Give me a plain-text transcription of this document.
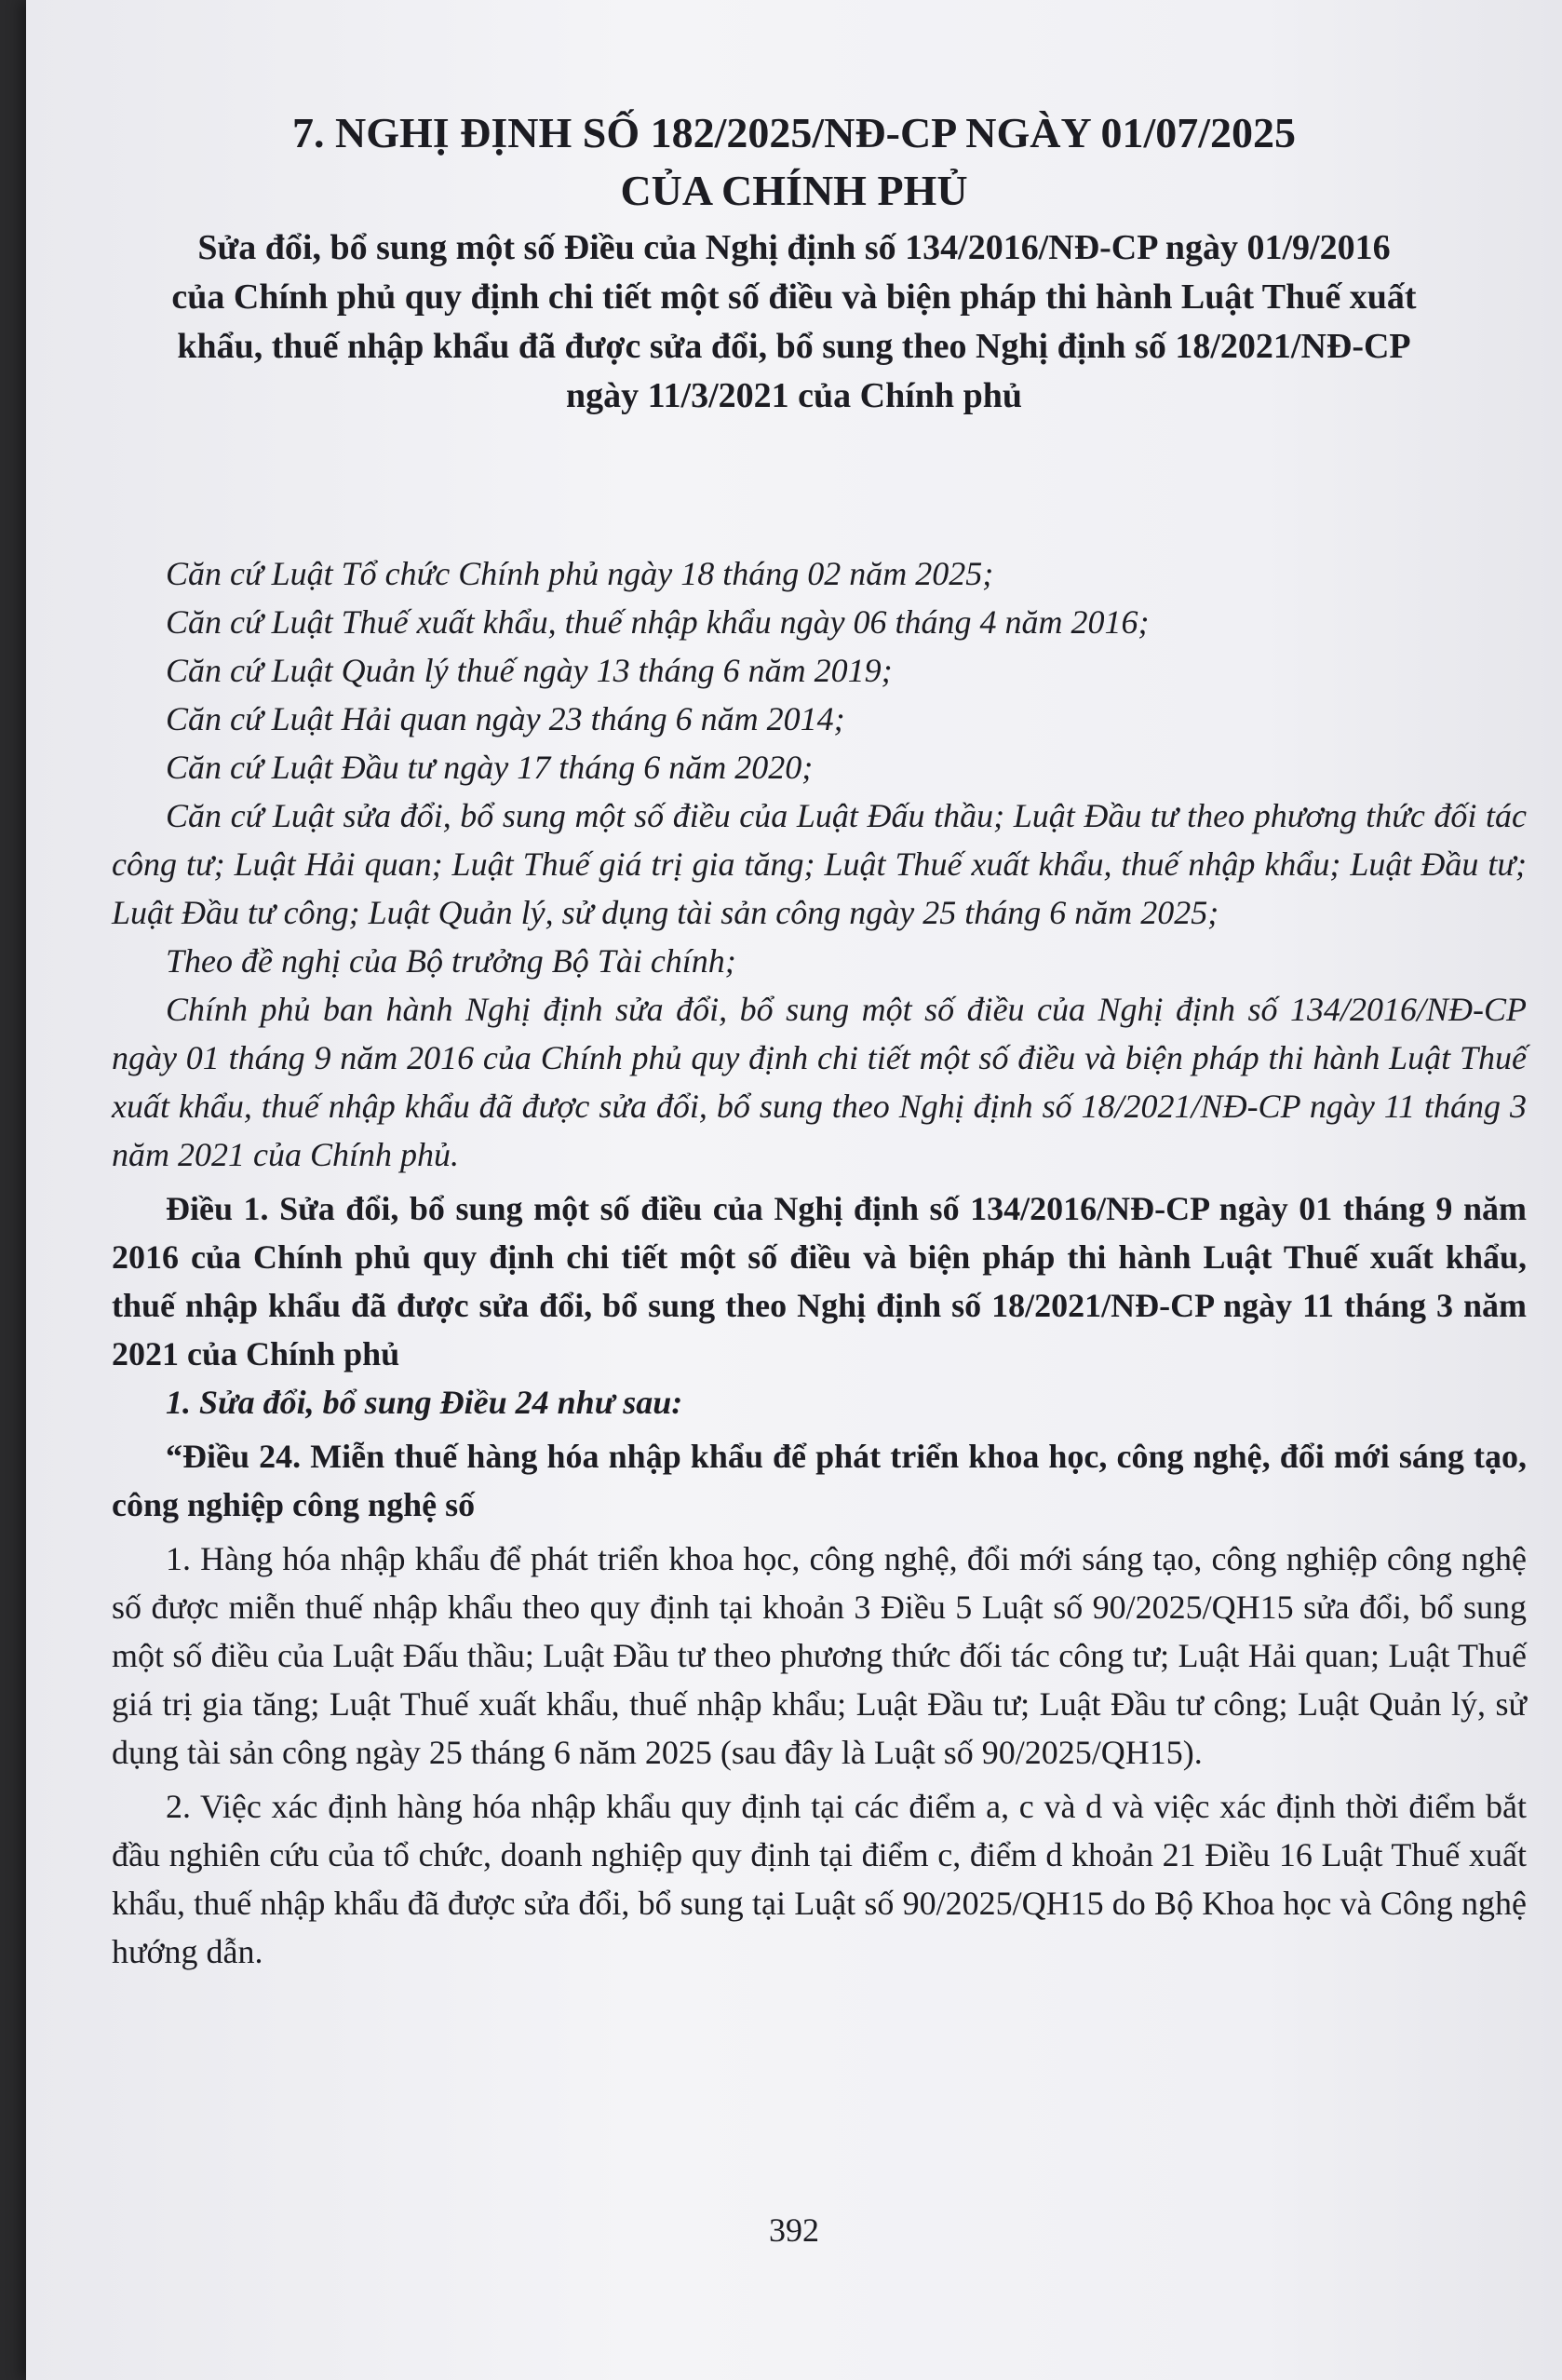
7. NGHỊ ĐỊNH SỐ 182/2025/NĐ-CP NGÀY 01/07/2025
CỦA CHÍNH PHỦ
Sửa đổi, bổ sung một số Điều của Nghị định số 134/2016/NĐ-CP ngày 01/9/2016 của Chính phủ quy định chi tiết một số điều và biện pháp thi hành Luật Thuế xuất khẩu, thuế nhập khẩu đã được sửa đổi, bổ sung theo Nghị định số 18/2021/NĐ-CP ngày 11/3/2021 của Chính phủ

Căn cứ Luật Tổ chức Chính phủ ngày 18 tháng 02 năm 2025;

Căn cứ Luật Thuế xuất khẩu, thuế nhập khẩu ngày 06 tháng 4 năm 2016;

Căn cứ Luật Quản lý thuế ngày 13 tháng 6 năm 2019;

Căn cứ Luật Hải quan ngày 23 tháng 6 năm 2014;

Căn cứ Luật Đầu tư ngày 17 tháng 6 năm 2020;

Căn cứ Luật sửa đổi, bổ sung một số điều của Luật Đấu thầu; Luật Đầu tư theo phương thức đối tác công tư; Luật Hải quan; Luật Thuế giá trị gia tăng; Luật Thuế xuất khẩu, thuế nhập khẩu; Luật Đầu tư; Luật Đầu tư công; Luật Quản lý, sử dụng tài sản công ngày 25 tháng 6 năm 2025;

Theo đề nghị của Bộ trưởng Bộ Tài chính;

Chính phủ ban hành Nghị định sửa đổi, bổ sung một số điều của Nghị định số 134/2016/NĐ-CP ngày 01 tháng 9 năm 2016 của Chính phủ quy định chi tiết một số điều và biện pháp thi hành Luật Thuế xuất khẩu, thuế nhập khẩu đã được sửa đổi, bổ sung theo Nghị định số 18/2021/NĐ-CP ngày 11 tháng 3 năm 2021 của Chính phủ.

Điều 1. Sửa đổi, bổ sung một số điều của Nghị định số 134/2016/NĐ-CP ngày 01 tháng 9 năm 2016 của Chính phủ quy định chi tiết một số điều và biện pháp thi hành Luật Thuế xuất khẩu, thuế nhập khẩu đã được sửa đổi, bổ sung theo Nghị định số 18/2021/NĐ-CP ngày 11 tháng 3 năm 2021 của Chính phủ

1. Sửa đổi, bổ sung Điều 24 như sau:

“Điều 24. Miễn thuế hàng hóa nhập khẩu để phát triển khoa học, công nghệ, đổi mới sáng tạo, công nghiệp công nghệ số

1. Hàng hóa nhập khẩu để phát triển khoa học, công nghệ, đổi mới sáng tạo, công nghiệp công nghệ số được miễn thuế nhập khẩu theo quy định tại khoản 3 Điều 5 Luật số 90/2025/QH15 sửa đổi, bổ sung một số điều của Luật Đấu thầu; Luật Đầu tư theo phương thức đối tác công tư; Luật Hải quan; Luật Thuế giá trị gia tăng; Luật Thuế xuất khẩu, thuế nhập khẩu; Luật Đầu tư; Luật Đầu tư công; Luật Quản lý, sử dụng tài sản công ngày 25 tháng 6 năm 2025 (sau đây là Luật số 90/2025/QH15).

2. Việc xác định hàng hóa nhập khẩu quy định tại các điểm a, c và d và việc xác định thời điểm bắt đầu nghiên cứu của tổ chức, doanh nghiệp quy định tại điểm c, điểm d khoản 21 Điều 16 Luật Thuế xuất khẩu, thuế nhập khẩu đã được sửa đổi, bổ sung tại Luật số 90/2025/QH15 do Bộ Khoa học và Công nghệ hướng dẫn.

392
